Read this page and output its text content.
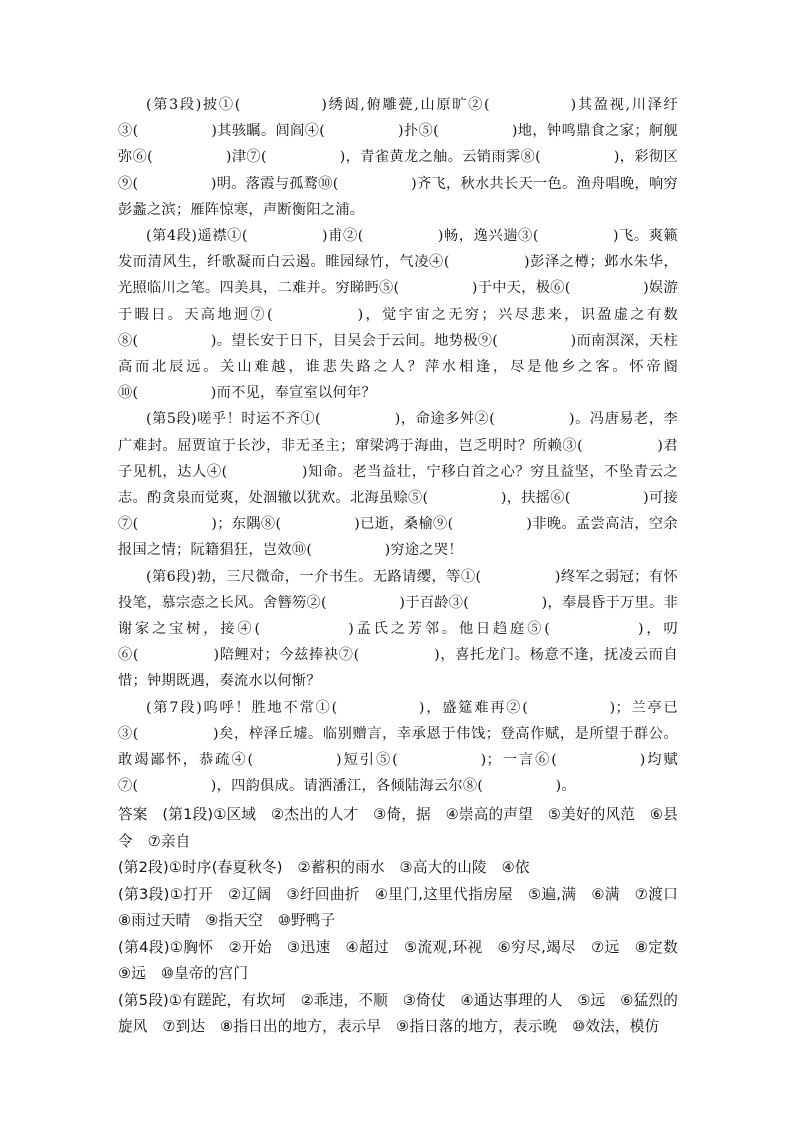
(第3段)披①(　　　　　)绣闼,俯雕甍,山原旷②(　　　　　)其盈视,川泽纡③(　　　　　)其骇瞩。闾阎④(　　　　　)扑⑤(　　　　　)地，钟鸣鼎食之家；舸舰弥⑥(　　　　　)津⑦(　　　　　)，青雀黄龙之舳。云销雨霁⑧(　　　　　)，彩彻区⑨(　　　　　)明。落霞与孤鹜⑩(　　　　　)齐飞，秋水共长天一色。渔舟唱晚，响穷彭蠡之滨；雁阵惊寒，声断衡阳之浦。

(第4段)遥襟①(　　　　　)甫②(　　　　　)畅，逸兴遄③(　　　　　)飞。爽籁发而清风生，纤歌凝而白云遏。睢园绿竹，气凌④(　　　　　)彭泽之樽；邺水朱华，光照临川之笔。四美具，二难并。穷睇眄⑤(　　　　　)于中天，极⑥(　　　　　)娱游于暇日。天高地迥⑦(　　　　　)，觉宇宙之无穷；兴尽悲来，识盈虚之有数⑧(　　　　　)。望长安于日下，目吴会于云间。地势极⑨(　　　　　)而南溟深，天柱高而北辰远。关山难越，谁悲失路之人？萍水相逢，尽是他乡之客。怀帝阍⑩(　　　　　)而不见，奉宣室以何年？

(第5段)嗟乎！时运不齐①(　　　　　)，命途多舛②(　　　　　)。冯唐易老，李广难封。屈贾谊于长沙，非无圣主；窜梁鸿于海曲，岂乏明时？所赖③(　　　　　)君子见机，达人④(　　　　　)知命。老当益壮，宁移白首之心？穷且益坚，不坠青云之志。酌贪泉而觉爽，处涸辙以犹欢。北海虽赊⑤(　　　　　)，扶摇⑥(　　　　　)可接⑦(　　　　　)；东隅⑧(　　　　　)已逝，桑榆⑨(　　　　　)非晚。孟尝高洁，空余报国之情；阮籍猖狂，岂效⑩(　　　　　)穷途之哭！

(第6段)勃，三尺微命，一介书生。无路请缨，等①(　　　　　)终军之弱冠；有怀投笔，慕宗悫之长风。舍簪笏②(　　　　　)于百龄③(　　　　　)，奉晨昏于万里。非谢家之宝树，接④(　　　　　)孟氏之芳邻。他日趋庭⑤(　　　　　)，叨⑥(　　　　　)陪鲤对；今兹捧袂⑦(　　　　　)，喜托龙门。杨意不逢，抚凌云而自惜；钟期既遇，奏流水以何惭？

(第7段)呜呼！胜地不常①(　　　　　)，盛筵难再②(　　　　　)；兰亭已③(　　　　　)矣，梓泽丘墟。临别赠言，幸承恩于伟饯；登高作赋，是所望于群公。敢竭鄙怀，恭疏④(　　　　　)短引⑤(　　　　　)；一言⑥(　　　　　)均赋⑦(　　　　　)，四韵俱成。请洒潘江，各倾陆海云尔⑧(　　　　　)。

答案　(第1段)①区域　②杰出的人才　③倚，据　④崇高的声望　⑤美好的风范　⑥县令　⑦亲自

(第2段)①时序(春夏秋冬)　②蓄积的雨水　③高大的山陵　④依

(第3段)①打开　②辽阔　③纡回曲折　④里门,这里代指房屋　⑤遍,满　⑥满　⑦渡口　⑧雨过天晴　⑨指天空　⑩野鸭子

(第4段)①胸怀　②开始　③迅速　④超过　⑤流观,环视　⑥穷尽,竭尽　⑦远　⑧定数　⑨远　⑩皇帝的宫门

(第5段)①有蹉跎，有坎坷　②乖违，不顺　③倚仗　④通达事理的人　⑤远　⑥猛烈的旋风　⑦到达　⑧指日出的地方，表示早　⑨指日落的地方，表示晚　⑩效法，模仿
